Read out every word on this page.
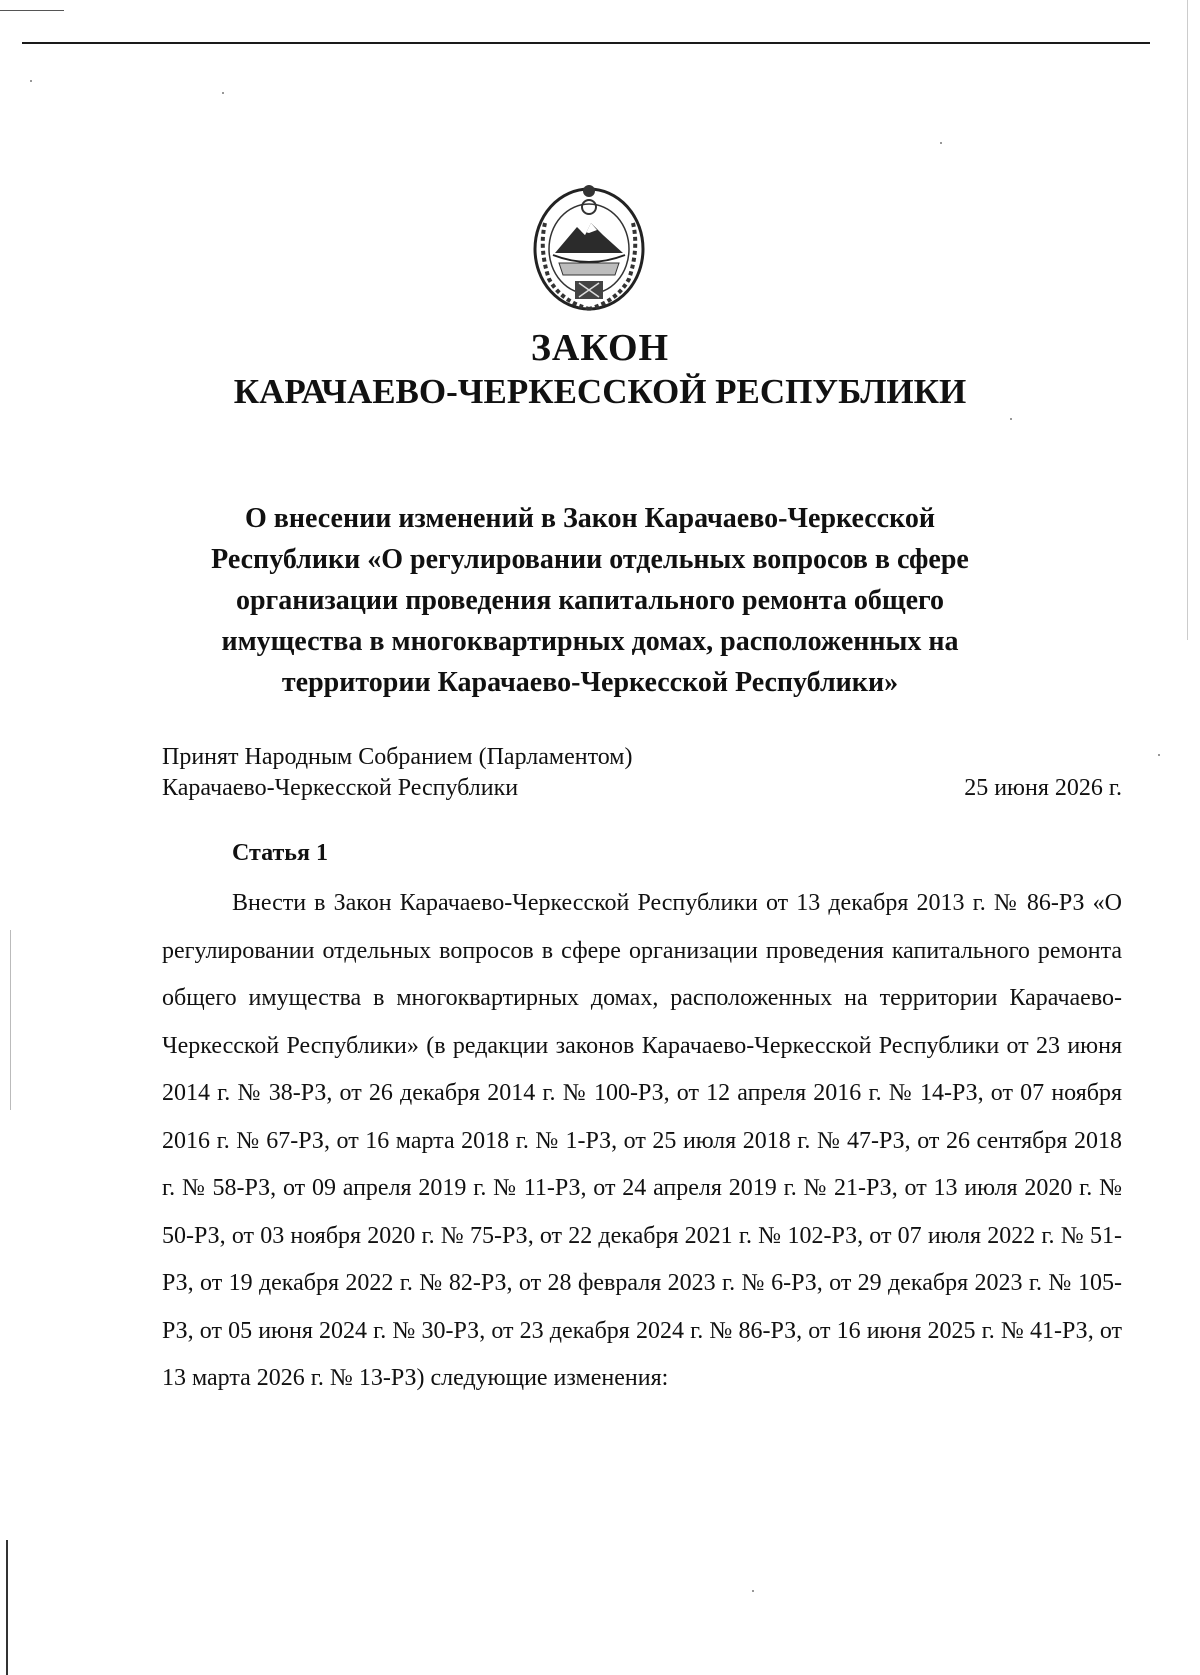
ЗАКОН
КАРАЧАЕВО-ЧЕРКЕССКОЙ РЕСПУБЛИКИ

О внесении изменений в Закон Карачаево-Черкесской Республики «О регулировании отдельных вопросов в сфере организации проведения капитального ремонта общего имущества в многоквартирных домах, расположенных на территории Карачаево-Черкесской Республики»

Принят Народным Собранием (Парламентом)
Карачаево-Черкесской Республики	25 июня 2026 г.
Статья 1

Внести в Закон Карачаево-Черкесской Республики от 13 декабря 2013 г. № 86-РЗ «О регулировании отдельных вопросов в сфере организации проведения капитального ремонта общего имущества в многоквартирных домах, расположенных на территории Карачаево-Черкесской Республики» (в редакции законов Карачаево-Черкесской Республики от 23 июня 2014 г. № 38-РЗ, от 26 декабря 2014 г. № 100-РЗ, от 12 апреля 2016 г. № 14-РЗ, от 07 ноября 2016 г. № 67-РЗ, от 16 марта 2018 г. № 1-РЗ, от 25 июля 2018 г. № 47-РЗ, от 26 сентября 2018 г. № 58-РЗ, от 09 апреля 2019 г. № 11-РЗ, от 24 апреля 2019 г. № 21-РЗ, от 13 июля 2020 г. № 50-РЗ, от 03 ноября 2020 г. № 75-РЗ, от 22 декабря 2021 г. № 102-РЗ, от 07 июля 2022 г. № 51-РЗ, от 19 декабря 2022 г. № 82-РЗ, от 28 февраля 2023 г. № 6-РЗ, от 29 декабря 2023 г. № 105-РЗ, от 05 июня 2024 г. № 30-РЗ, от 23 декабря 2024 г. № 86-РЗ, от 16 июня 2025 г. № 41-РЗ, от 13 марта 2026 г. № 13-РЗ) следующие изменения:
